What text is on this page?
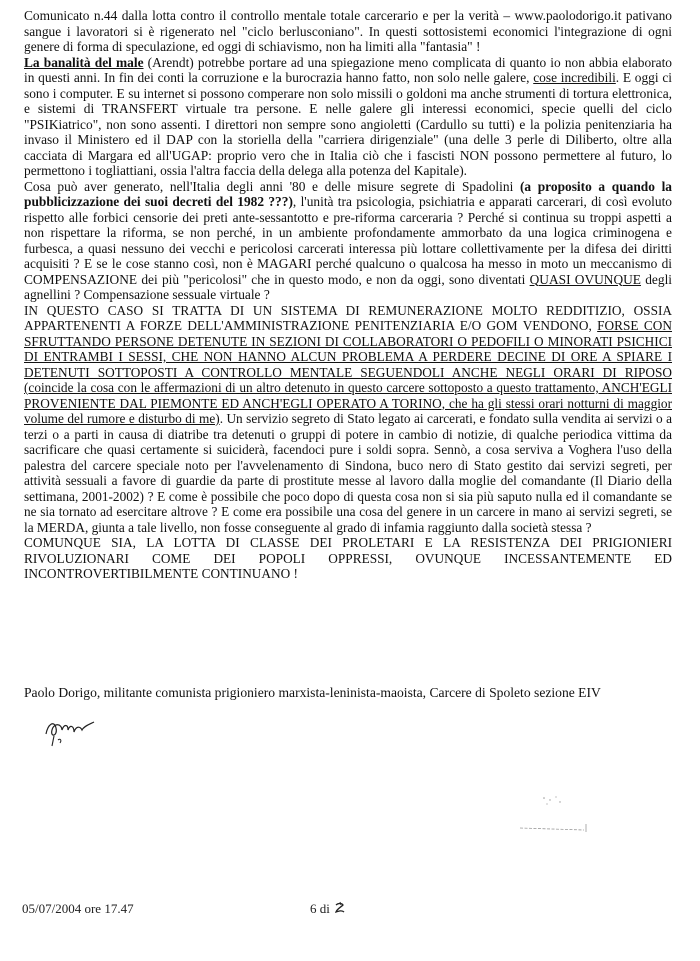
Comunicato n.44 dalla lotta contro il controllo mentale totale carcerario e per la verità – www.paolodorigo.it pativano sangue i lavoratori si è rigenerato nel "ciclo berlusconiano". In questi sottosistemi economici l'integrazione di ogni genere di forma di speculazione, ed oggi di schiavismo, non ha limiti alla "fantasia" !

La banalità del male (Arendt) potrebbe portare ad una spiegazione meno complicata di quanto io non abbia elaborato in questi anni. In fin dei conti la corruzione e la burocrazia hanno fatto, non solo nelle galere, cose incredibili. E oggi ci sono i computer. E su internet si possono comperare non solo missili o goldoni ma anche strumenti di tortura elettronica, e sistemi di TRANSFERT virtuale tra persone. E nelle galere gli interessi economici, specie quelli del ciclo "PSIKiatrico", non sono assenti. I direttori non sempre sono angioletti (Cardullo su tutti) e la polizia penitenziaria ha invaso il Ministero ed il DAP con la storiella della "carriera dirigenziale" (una delle 3 perle di Diliberto, oltre alla cacciata di Margara ed all'UGAP: proprio vero che in Italia ciò che i fascisti NON possono permettere al futuro, lo permettono i togliattiani, ossia l'altra faccia della delega alla potenza del Kapitale).

Cosa può aver generato, nell'Italia degli anni '80 e delle misure segrete di Spadolini (a proposito a quando la pubblicizzazione dei suoi decreti del 1982 ???), l'unità tra psicologia, psichiatria e apparati carcerari, di così evoluto rispetto alle forbici censorie dei preti ante-sessantotto e pre-riforma carceraria ? Perché si continua su troppi aspetti a non rispettare la riforma, se non perché, in un ambiente profondamente ammorbato da una logica criminogena e furbesca, a quasi nessuno dei vecchi e pericolosi carcerati interessa più lottare collettivamente per la difesa dei diritti acquisiti ? E se le cose stanno così, non è MAGARI perché qualcuno o qualcosa ha messo in moto un meccanismo di COMPENSAZIONE dei più "pericolosi" che in questo modo, e non da oggi, sono diventati QUASI OVUNQUE degli agnellini ? Compensazione sessuale virtuale ?

IN QUESTO CASO SI TRATTA DI UN SISTEMA DI REMUNERAZIONE MOLTO REDDITIZIO, OSSIA APPARTENENTI A FORZE DELL'AMMINISTRAZIONE PENITENZIARIA E/O GOM VENDONO, FORSE CON SFRUTTANDO PERSONE DETENUTE IN SEZIONI DI COLLABORATORI O PEDOFILI O MINORATI PSICHICI DI ENTRAMBI I SESSI, CHE NON HANNO ALCUN PROBLEMA A PERDERE DECINE DI ORE A SPIARE I DETENUTI SOTTOPOSTI A CONTROLLO MENTALE SEGUENDOLI ANCHE NEGLI ORARI DI RIPOSO (coincide la cosa con le affermazioni di un altro detenuto in questo carcere sottoposto a questo trattamento, ANCH'EGLI PROVENIENTE DAL PIEMONTE ED ANCH'EGLI OPERATO A TORINO, che ha gli stessi orari notturni di maggior volume del rumore e disturbo di me). Un servizio segreto di Stato legato ai carcerati, e fondato sulla vendita ai servizi o a terzi o a parti in causa di diatribe tra detenuti o gruppi di potere in cambio di notizie, di qualche periodica vittima da sacrificare che quasi certamente si suiciderà, facendoci pure i soldi sopra. Sennò, a cosa serviva a Voghera l'uso della palestra del carcere speciale noto per l'avvelenamento di Sindona, buco nero di Stato gestito dai servizi segreti, per attività sessuali a favore di guardie da parte di prostitute messe al lavoro dalla moglie del comandante (Il Diario della settimana, 2001-2002) ? E come è possibile che poco dopo di questa cosa non si sia più saputo nulla ed il comandante se ne sia tornato ad esercitare altrove ? E come era possibile una cosa del genere in un carcere in mano ai servizi segreti, se la MERDA, giunta a tale livello, non fosse conseguente al grado di infamia raggiunto dalla società stessa ?

COMUNQUE SIA, LA LOTTA DI CLASSE DEI PROLETARI E LA RESISTENZA DEI PRIGIONIERI RIVOLUZIONARI COME DEI POPOLI OPPRESSI, OVUNQUE INCESSANTEMENTE ED INCONTROVERTIBILMENTE CONTINUANO !

Paolo Dorigo, militante comunista prigioniero marxista-leninista-maoista, Carcere di Spoleto sezione EIV
05/07/2004 ore 17.47	6 di
